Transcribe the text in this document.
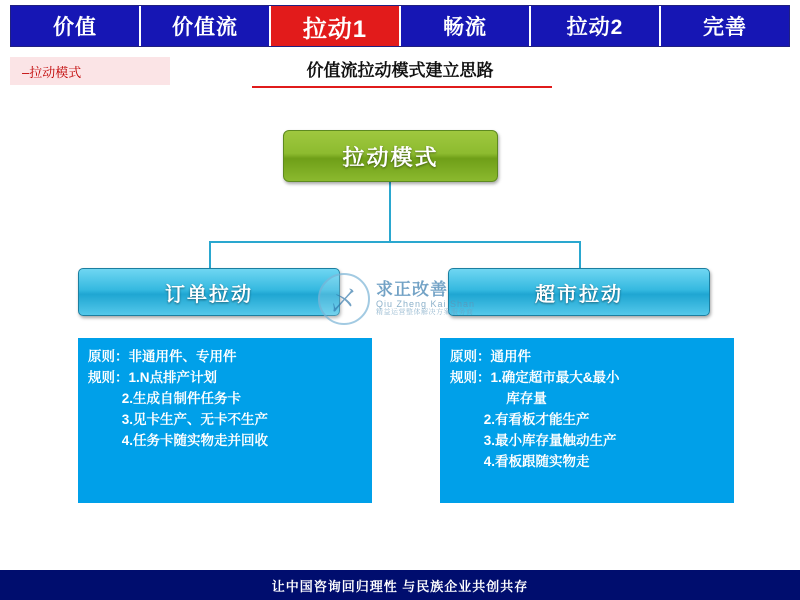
价值	价值流	拉动1	畅流	拉动2	完善
–拉动模式	价值流拉动模式建立思路
拉动模式
订单拉动	超市拉动
乄	求正改善
Qiu Zheng Kai Shan
精益运营整体解决方案服务商
原则：非通用件、专用件
规则：1.N点排产计划
2.生成自制件任务卡
3.见卡生产、无卡不生产
4.任务卡随实物走并回收
原则：通用件
规则：1.确定超市最大&最小
库存量
2.有看板才能生产
3.最小库存量触动生产
4.看板跟随实物走
让中国咨询回归理性 与民族企业共创共存
